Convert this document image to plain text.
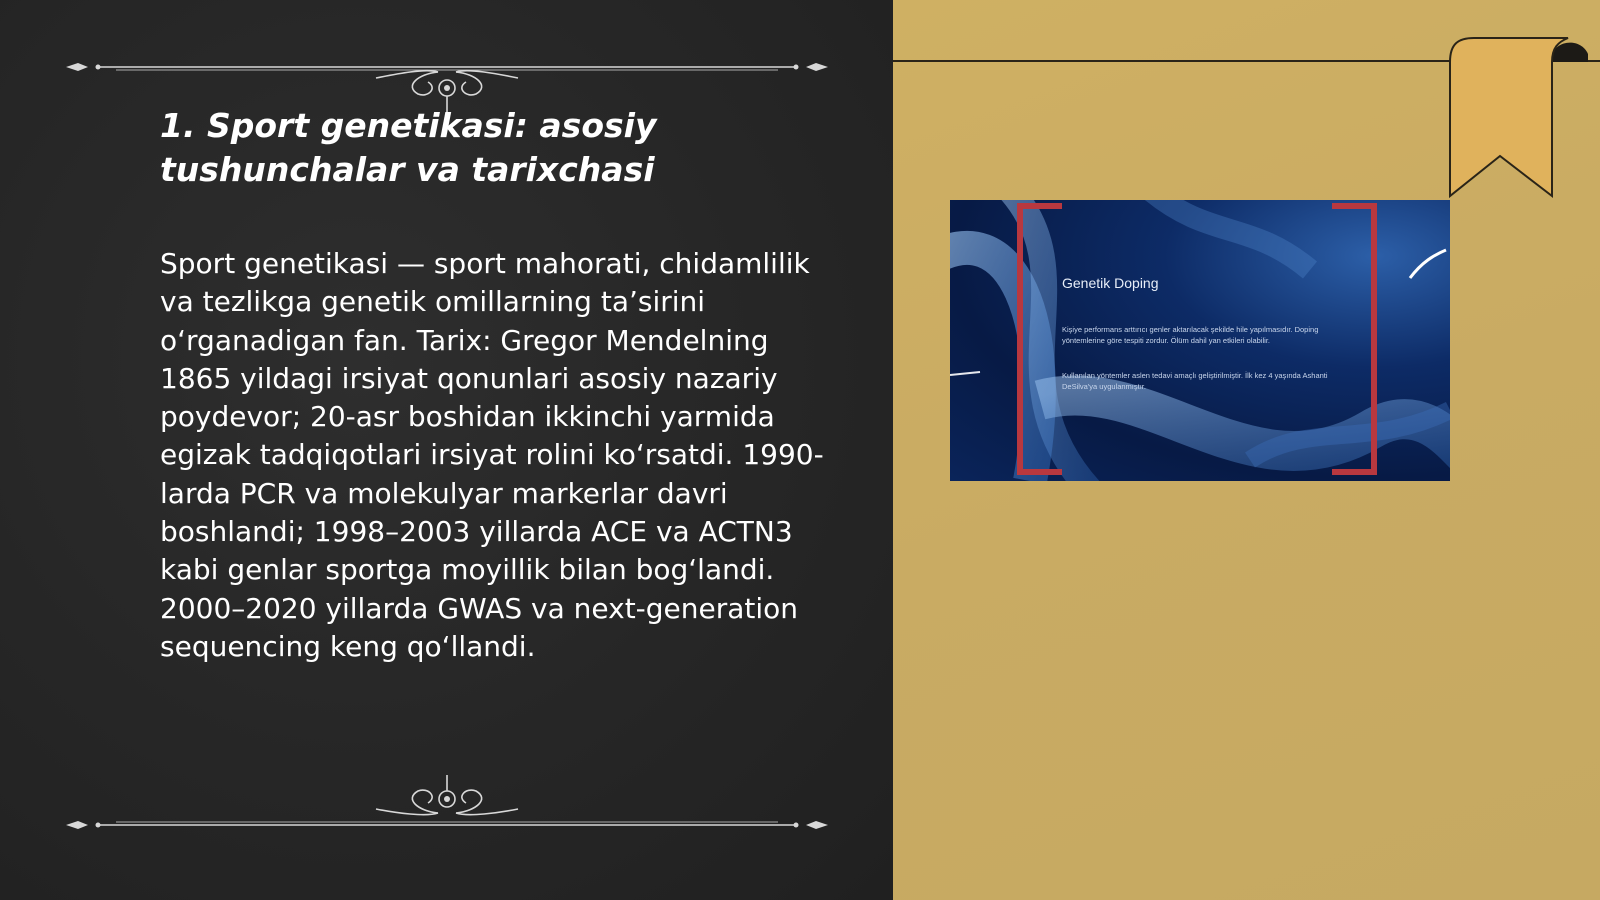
1. Sport genetikasi: asosiy tushunchalar va tarixchasi

Sport genetikasi — sport mahorati, chidamlilik va tezlikga genetik omillarning ta’sirini o‘rganadigan fan. Tarix: Gregor Mendelning 1865 yildagi irsiyat qonunlari asosiy nazariy poydevor; 20-asr boshidan ikkinchi yarmida egizak tadqiqotlari irsiyat rolini ko‘rsatdi. 1990-larda PCR va molekulyar markerlar davri boshlandi; 1998–2003 yillarda ACE va ACTN3 kabi genlar sportga moyillik bilan bog‘landi. 2000–2020 yillarda GWAS va next-generation sequencing keng qo‘llandi.

Genetik Doping

Kişiye performans arttırıcı genler aktarılacak şekilde hile yapılmasıdır. Doping yöntemlerine göre tespiti zordur. Ölüm dahil yan etkileri olabilir.

Kullanılan yöntemler aslen tedavi amaçlı geliştirilmiştir. İlk kez 4 yaşında Ashanti DeSilva'ya uygulanmıştır.
